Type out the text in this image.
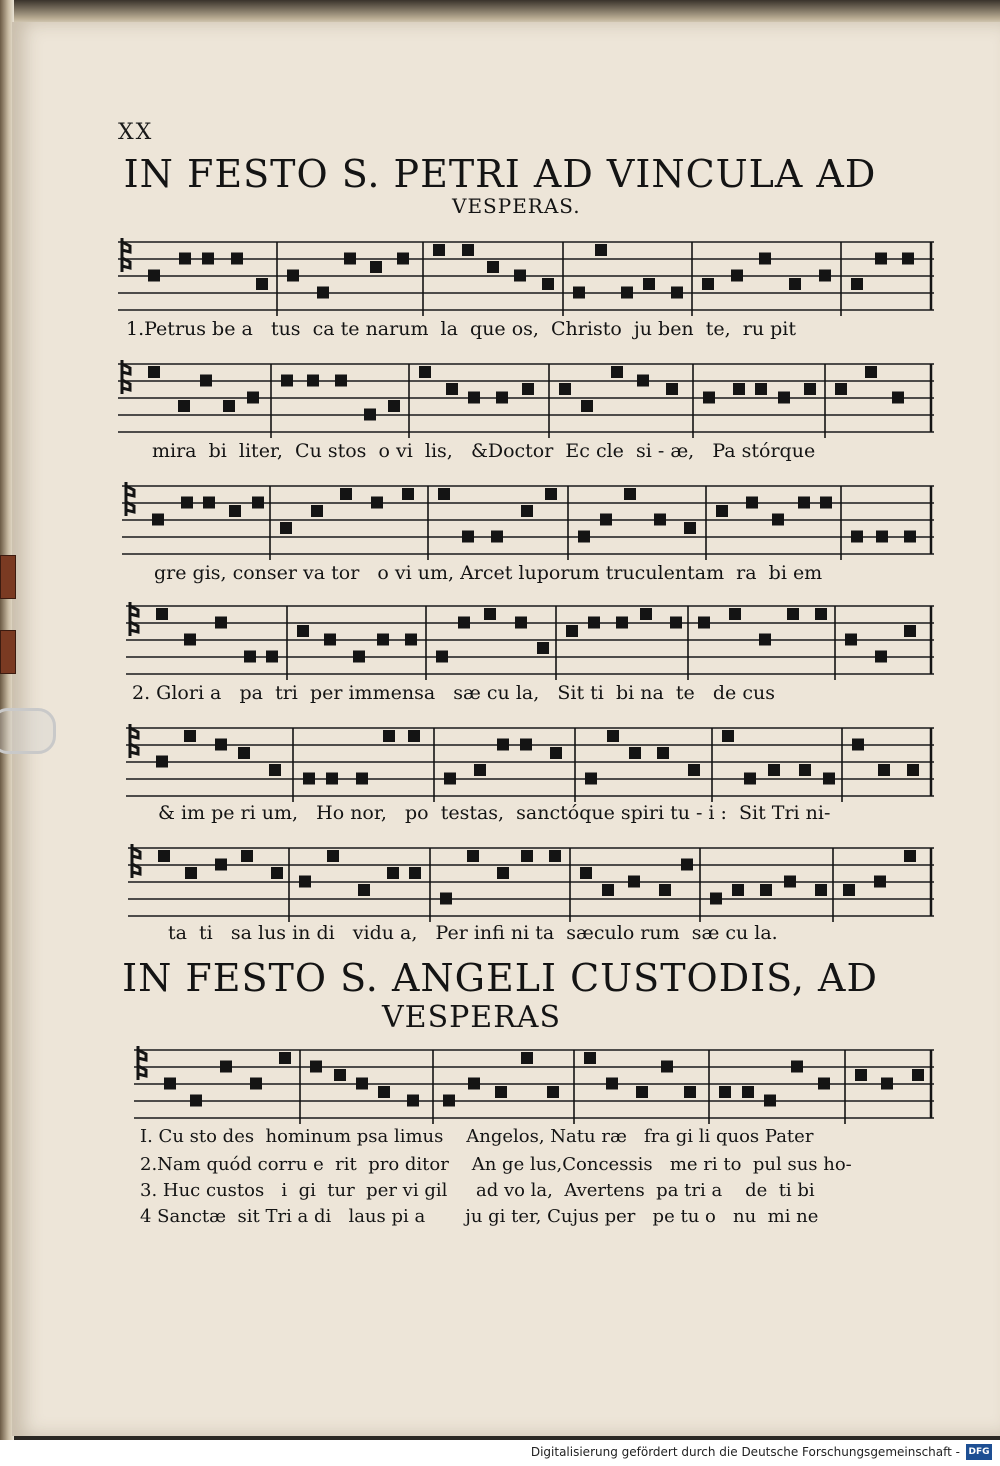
XX
IN FESTO S. PETRI AD VINCULA AD
VESPERAS.
1.Petrus be a   tus  ca te narum  la  que os,  Christo  ju ben  te,  ru pit
mira  bi  liter,  Cu stos  o vi  lis,   &Doctor  Ec cle  si - æ,   Pa stórque
gre gis, conser va tor   o vi um, Arcet luporum truculentam  ra  bi em
2. Glori a   pa  tri  per immensa   sæ cu la,   Sit ti  bi na  te   de cus
& im pe ri um,   Ho nor,   po  testas,  sanctóque spiri tu - i :  Sit Tri ni-
ta  ti   sa lus in di   vidu a,   Per infi ni ta  sæculo rum  sæ cu la.
IN FESTO S. ANGELI CUSTODIS, AD
VESPERAS
I. Cu sto des  hominum psa limus    Angelos, Natu ræ   fra gi li quos Pater
2.Nam quód corru e  rit  pro ditor    An ge lus,Concessis   me ri to  pul sus ho-
3. Huc custos   i  gi  tur  per vi gil     ad vo la,  Avertens  pa tri a    de  ti bi
4 Sanctæ  sit Tri a di   laus pi a       ju gi ter, Cujus per   pe tu o   nu  mi ne
Digitalisierung gefördert durch die Deutsche Forschungsgemeinschaft - DFG
